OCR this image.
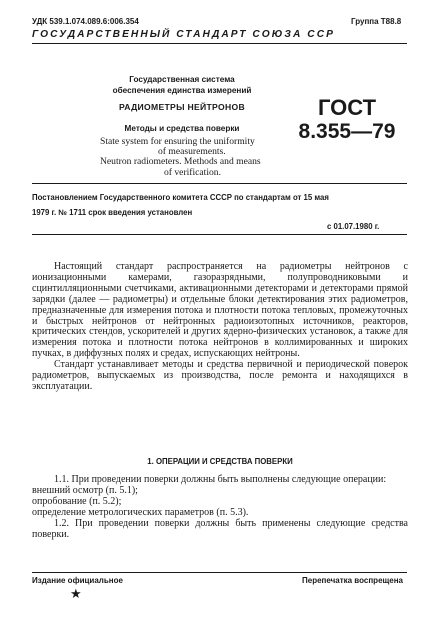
УДК 539.1.074.089.6:006.354	Группа Т88.8
ГОСУДАРСТВЕННЫЙ СТАНДАРТ СОЮЗА ССР
Государственная система
обеспечения единства измерений
РАДИОМЕТРЫ НЕЙТРОНОВ
Методы и средства поверки
State system for ensuring the uniformity
of measurements.
Neutron radiometers. Methods and means
of verification.
ГОСТ
8.355—79
Постановлением Государственного комитета СССР по стандартам от 15 мая
1979 г. № 1711 срок введения установлен
с 01.07.1980 г.

Настоящий стандарт распространяется на радиометры нейтронов с ионизационными камерами, газоразрядными, полупроводниковыми и сцинтилляционными счетчиками, активационными детекторами и детекторами прямой зарядки (далее — радиометры) и отдельные блоки детектирования этих радиометров, предназначенные для измерения потока и плотности потока тепловых, промежуточных и быстрых нейтронов от нейтронных радиоизотопных источников, реакторов, критических стендов, ускорителей и других ядерно-физических установок, а также для измерения потока и плотности потока нейтронов в коллимированных и широких пучках, в диффузных полях и средах, испускающих нейтроны.

Стандарт устанавливает методы и средства первичной и периодической поверок радиометров, выпускаемых из производства, после ремонта и находящихся в эксплуатации.

1. ОПЕРАЦИИ И СРЕДСТВА ПОВЕРКИ

1.1. При проведении поверки должны быть выполнены следующие операции:

внешний осмотр (п. 5.1);

опробование (п. 5.2);

определение метрологических параметров (п. 5.3).

1.2. При проведении поверки должны быть применены следующие средства поверки.

Издание официальное	Перепечатка воспрещена
★
